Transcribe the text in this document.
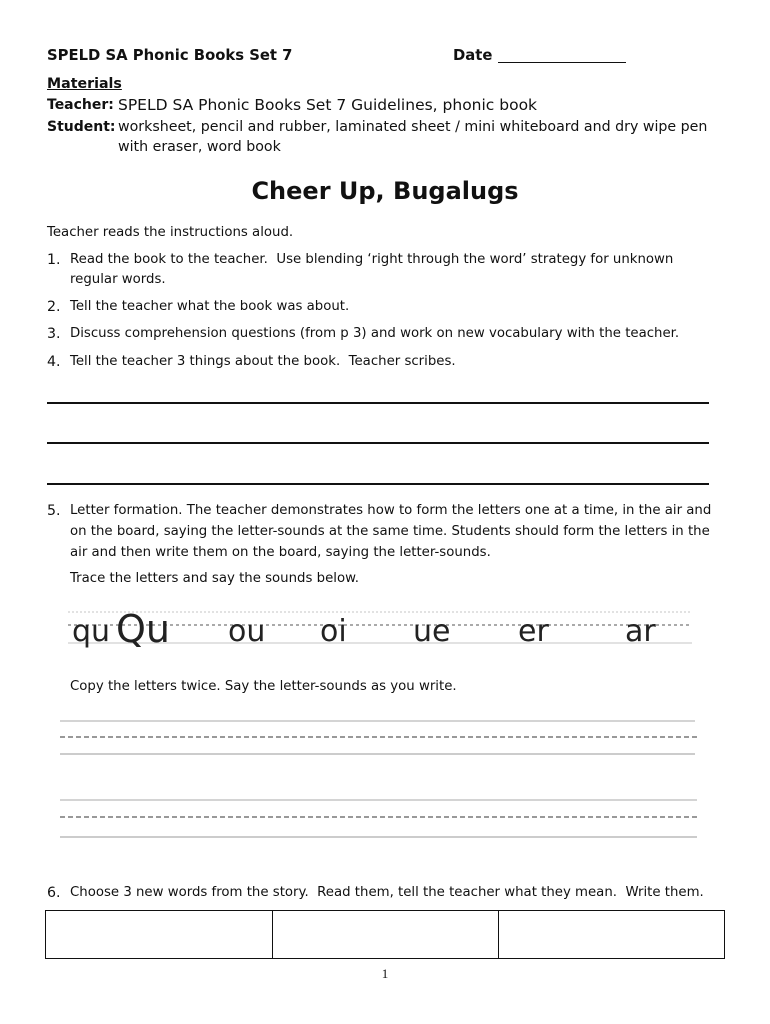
SPELD SA Phonic Books Set 7	Date
Materials
Teacher: SPELD SA Phonic Books Set 7 Guidelines, phonic book
Student: worksheet, pencil and rubber, laminated sheet / mini whiteboard and dry wipe pen
with eraser, word book
Cheer Up, Bugalugs
Teacher reads the instructions aloud.
1. Read the book to the teacher.  Use blending ‘right through the word’ strategy for unknown
regular words.
2. Tell the teacher what the book was about.
3. Discuss comprehension questions (from p 3) and work on new vocabulary with the teacher.
4. Tell the teacher 3 things about the book.  Teacher scribes.
5. Letter formation. The teacher demonstrates how to form the letters one at a time, in the air and
on the board, saying the letter-sounds at the same time. Students should form the letters in the
air and then write them on the board, saying the letter-sounds.
Trace the letters and say the sounds below.
qu Qu ou oi ue er	ar
Copy the letters twice. Say the letter-sounds as you write.
6. Choose 3 new words from the story.  Read them, tell the teacher what they mean.  Write them.
1
